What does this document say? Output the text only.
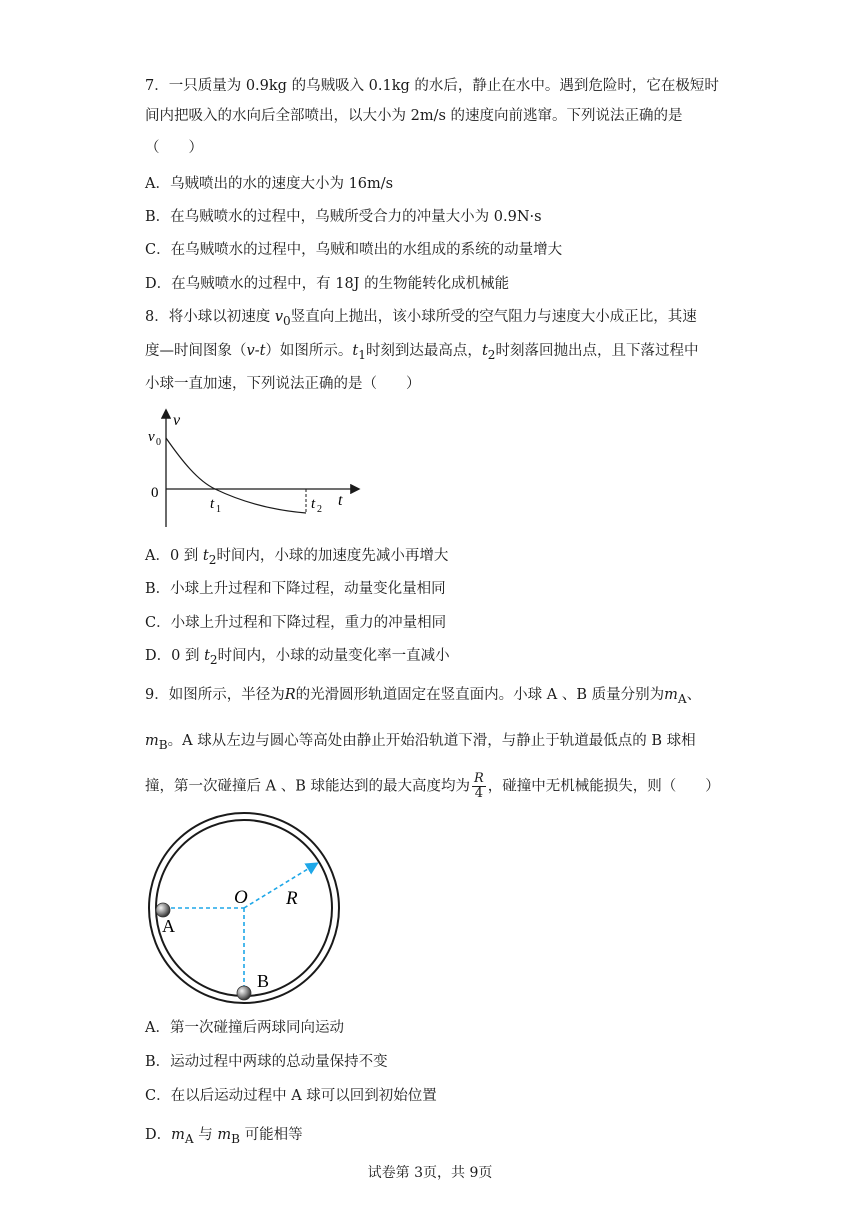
7．一只质量为 0.9kg 的乌贼吸入 0.1kg 的水后，静止在水中。遇到危险时，它在极短时
间内把吸入的水向后全部喷出，以大小为 2m/s 的速度向前逃窜。下列说法正确的是
（　　）
A．乌贼喷出的水的速度大小为 16m/s
B．在乌贼喷水的过程中，乌贼所受合力的冲量大小为 0.9N·s
C．在乌贼喷水的过程中，乌贼和喷出的水组成的系统的动量增大
D．在乌贼喷水的过程中，有 18J 的生物能转化成机械能
8．将小球以初速度 $v_0$竖直向上抛出，该小球所受的空气阻力与速度大小成正比，其速
度—时间图象（v-t）如图所示。$t_1$时刻到达最高点，$t_2$时刻落回抛出点，且下落过程中
小球一直加速，下列说法正确的是（　　）
v
v 0
0
t 1	t 2
t
A．0 到 $t_2$时间内，小球的加速度先减小再增大
B．小球上升过程和下降过程，动量变化量相同
C．小球上升过程和下降过程，重力的冲量相同
D．0 到 $t_2$时间内，小球的动量变化率一直减小
9．如图所示，半径为R的光滑圆形轨道固定在竖直面内。小球 A 、B 质量分别为$m_A$、
$m_B$。A 球从左边与圆心等高处由静止开始沿轨道下滑，与静止于轨道最低点的 B 球相
撞，第一次碰撞后 A 、B 球能达到的最大高度均为 $\frac{R}{4}$ ，碰撞中无机械能损失，则（　　）
O R
A
B
A．第一次碰撞后两球同向运动
B．运动过程中两球的总动量保持不变
C．在以后运动过程中 A 球可以回到初始位置
D．$m_A$ 与 $m_B$ 可能相等
试卷第 3页，共 9页
